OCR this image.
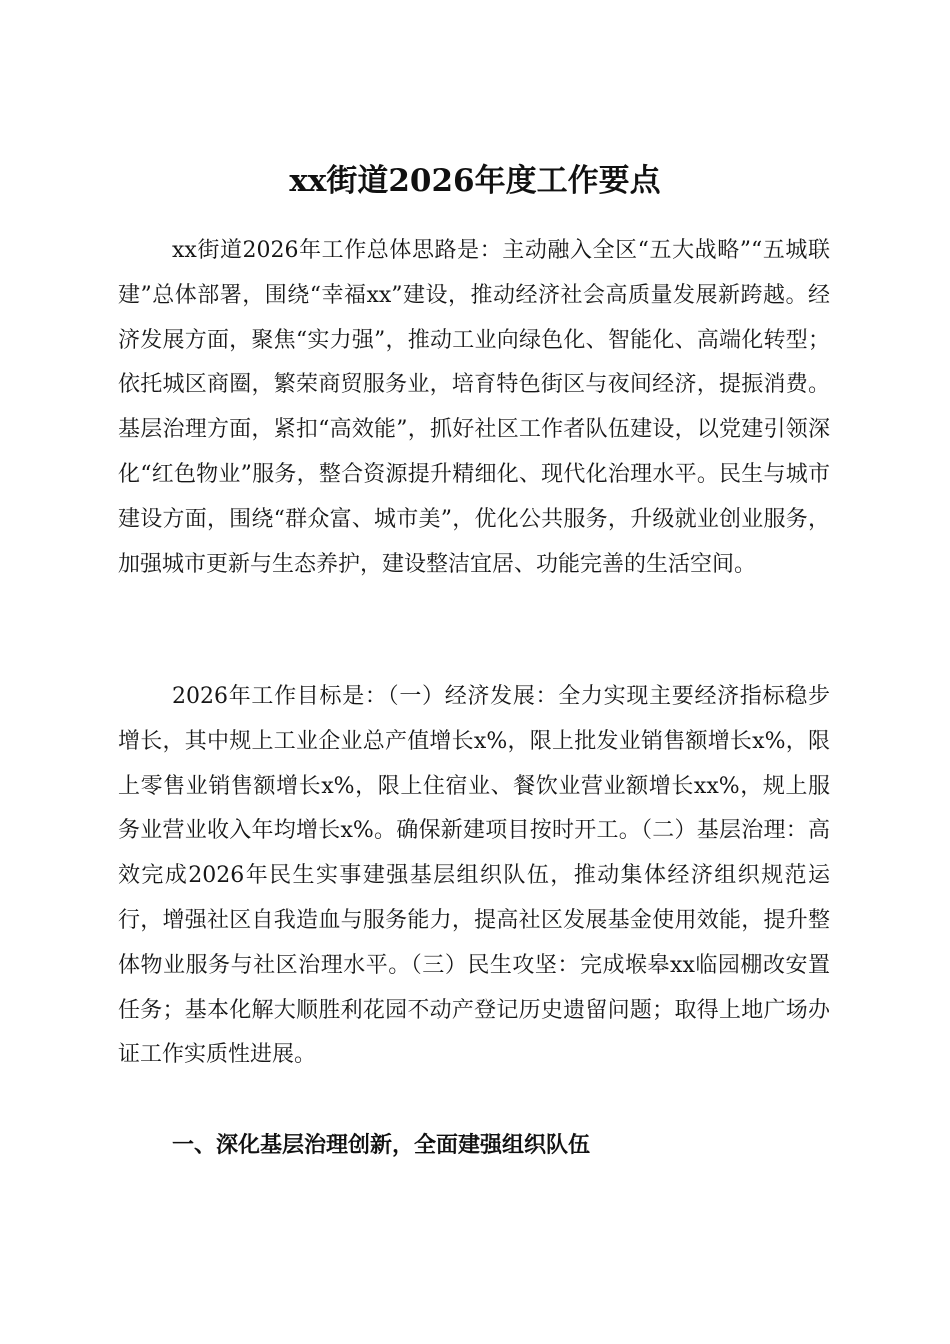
xx街道2026年度工作要点

xx街道2026年工作总体思路是：主动融入全区“五大战略”“五城联建”总体部署，围绕“幸福xx”建设，推动经济社会高质量发展新跨越。经济发展方面，聚焦“实力强”，推动工业向绿色化、智能化、高端化转型；依托城区商圈，繁荣商贸服务业，培育特色街区与夜间经济，提振消费。基层治理方面，紧扣“高效能”，抓好社区工作者队伍建设，以党建引领深化“红色物业”服务，整合资源提升精细化、现代化治理水平。民生与城市建设方面，围绕“群众富、城市美”，优化公共服务，升级就业创业服务，加强城市更新与生态养护，建设整洁宜居、功能完善的生活空间。

2026年工作目标是：（一）经济发展：全力实现主要经济指标稳步增长，其中规上工业企业总产值增长x%，限上批发业销售额增长x%，限上零售业销售额增长x%，限上住宿业、餐饮业营业额增长xx%，规上服务业营业收入年均增长x%。确保新建项目按时开工。（二）基层治理：高效完成2026年民生实事建强基层组织队伍，推动集体经济组织规范运行，增强社区自我造血与服务能力，提高社区发展基金使用效能，提升整体物业服务与社区治理水平。（三）民生攻坚：完成堠皋xx临园棚改安置任务；基本化解大顺胜利花园不动产登记历史遗留问题；取得上地广场办证工作实质性进展。

一、深化基层治理创新，全面建强组织队伍
